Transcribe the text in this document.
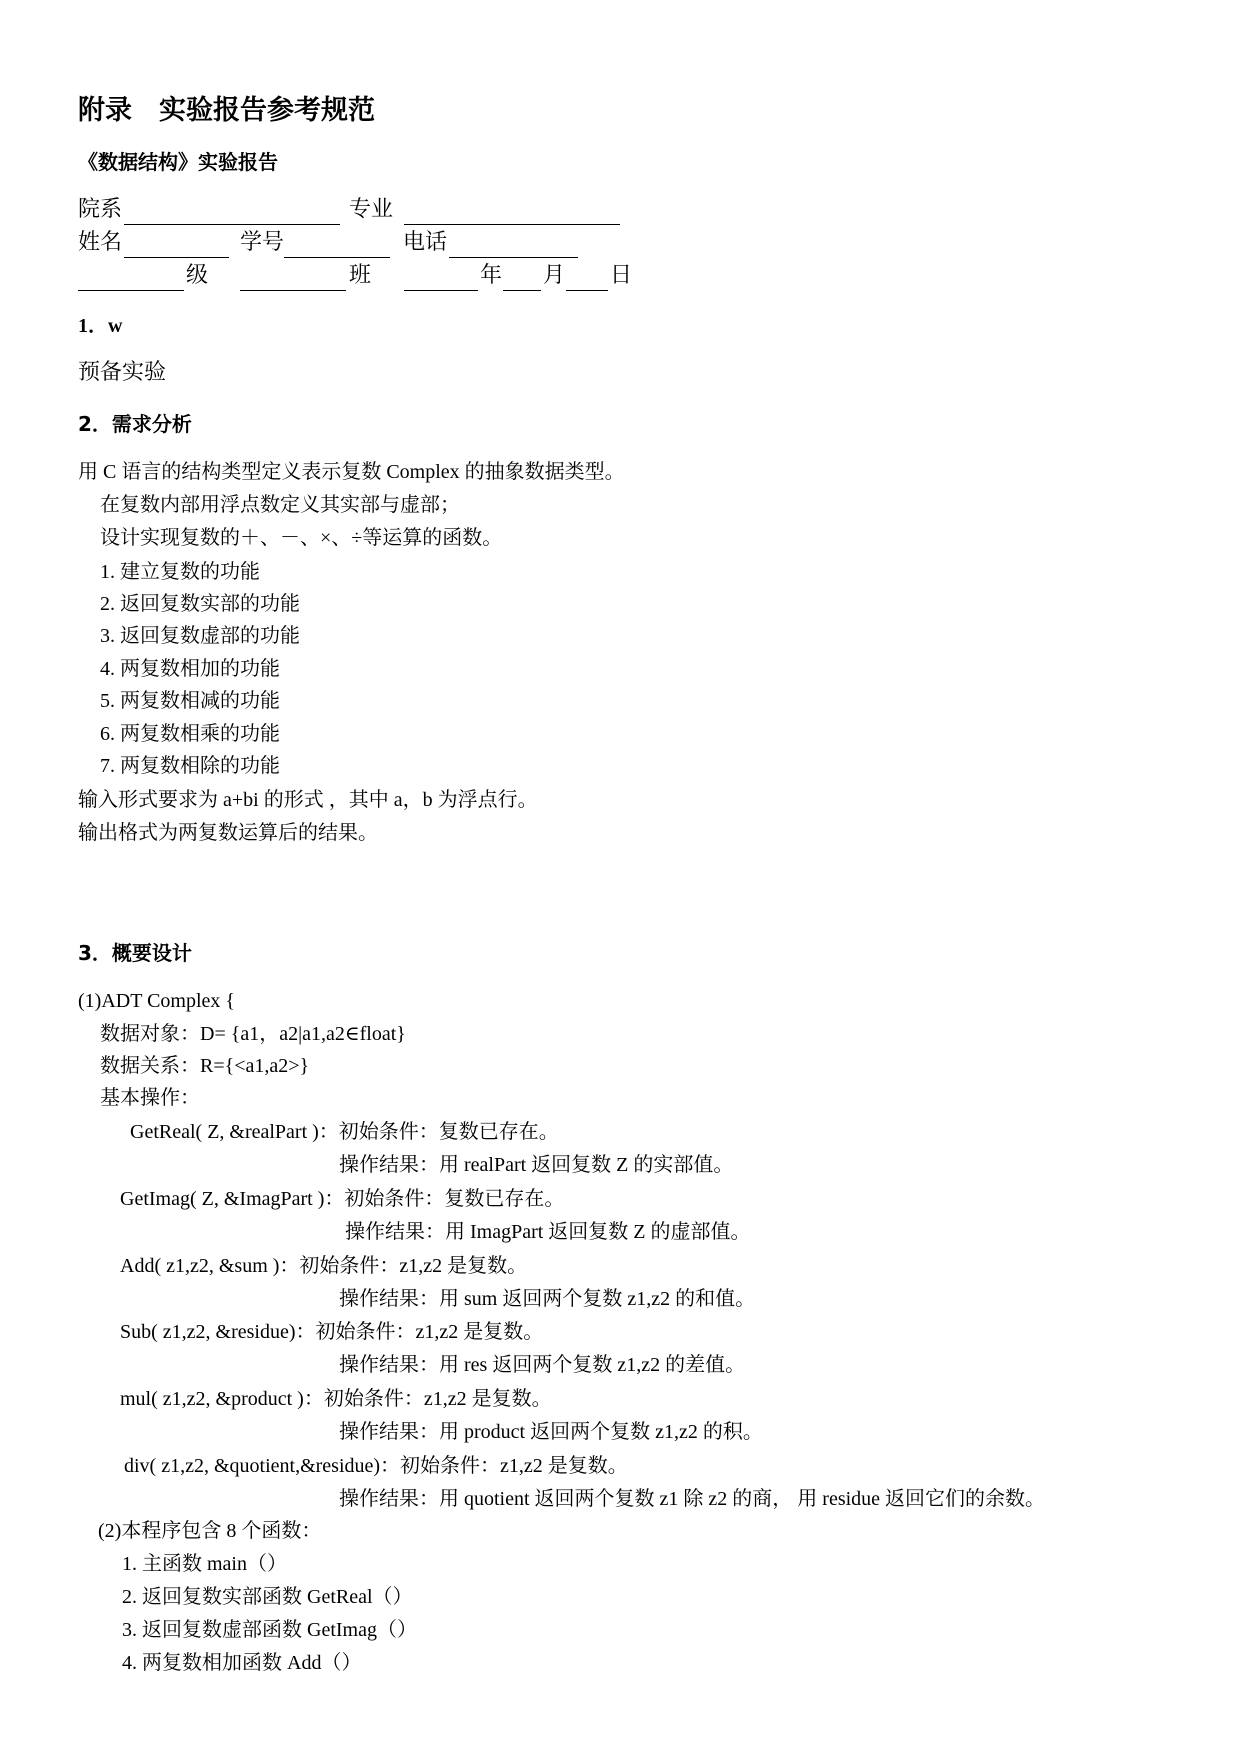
附录　实验报告参考规范
《数据结构》实验报告
院系	专业
姓名	学号	电话
级	班	年 月 日
1．w
预备实验
2．需求分析
用 C 语言的结构类型定义表示复数 Complex 的抽象数据类型。
在复数内部用浮点数定义其实部与虚部；
设计实现复数的＋、－、×、÷等运算的函数。
1. 建立复数的功能
2. 返回复数实部的功能
3. 返回复数虚部的功能
4. 两复数相加的功能
5. 两复数相减的功能
6. 两复数相乘的功能
7. 两复数相除的功能
输入形式要求为 a+bi 的形式 ，其中 a，b 为浮点行。
输出格式为两复数运算后的结果。
3．概要设计
(1)ADT Complex {
数据对象：D= {a1，a2|a1,a2∈float}
数据关系：R={<a1,a2>}
基本操作：
GetReal( Z, &realPart )：初始条件：复数已存在。
操作结果：用 realPart 返回复数 Z 的实部值。
GetImag( Z, &ImagPart )：初始条件：复数已存在。
操作结果：用 ImagPart 返回复数 Z 的虚部值。
Add( z1,z2, &sum )：初始条件：z1,z2 是复数。
操作结果：用 sum 返回两个复数 z1,z2 的和值。
Sub( z1,z2, &residue)：初始条件：z1,z2 是复数。
操作结果：用 res 返回两个复数 z1,z2 的差值。
mul( z1,z2, &product )：初始条件：z1,z2 是复数。
操作结果：用 product 返回两个复数 z1,z2 的积。
div( z1,z2, &quotient,&residue)：初始条件：z1,z2 是复数。
操作结果：用 quotient 返回两个复数 z1 除 z2 的商， 用 residue 返回它们的余数。
(2)本程序包含 8 个函数：
1. 主函数 main（）
2. 返回复数实部函数 GetReal（）
3. 返回复数虚部函数 GetImag（）
4. 两复数相加函数 Add（）
